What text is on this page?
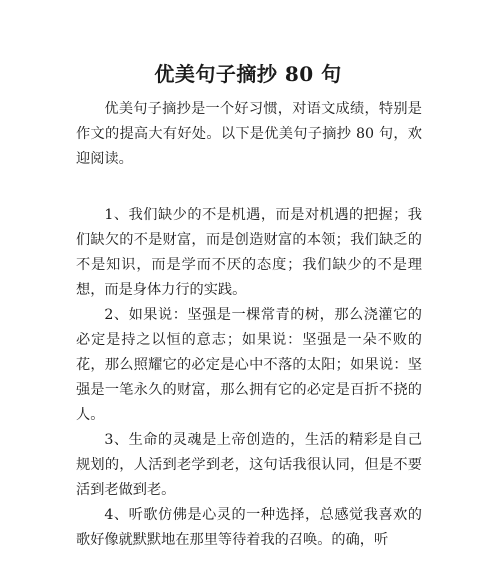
优美句子摘抄 80 句

优美句子摘抄是一个好习惯，对语文成绩，特别是作文的提高大有好处。以下是优美句子摘抄 80 句，欢迎阅读。

1、我们缺少的不是机遇，而是对机遇的把握；我们缺欠的不是财富，而是创造财富的本领；我们缺乏的不是知识，而是学而不厌的态度；我们缺少的不是理想，而是身体力行的实践。

2、如果说：坚强是一棵常青的树，那么浇灌它的必定是持之以恒的意志；如果说：坚强是一朵不败的花，那么照耀它的必定是心中不落的太阳；如果说：坚强是一笔永久的财富，那么拥有它的必定是百折不挠的人。

3、生命的灵魂是上帝创造的，生活的精彩是自己规划的，人活到老学到老，这句话我很认同，但是不要活到老做到老。

4、听歌仿佛是心灵的一种选择，总感觉我喜欢的歌好像就默默地在那里等待着我的召唤。的确，听
